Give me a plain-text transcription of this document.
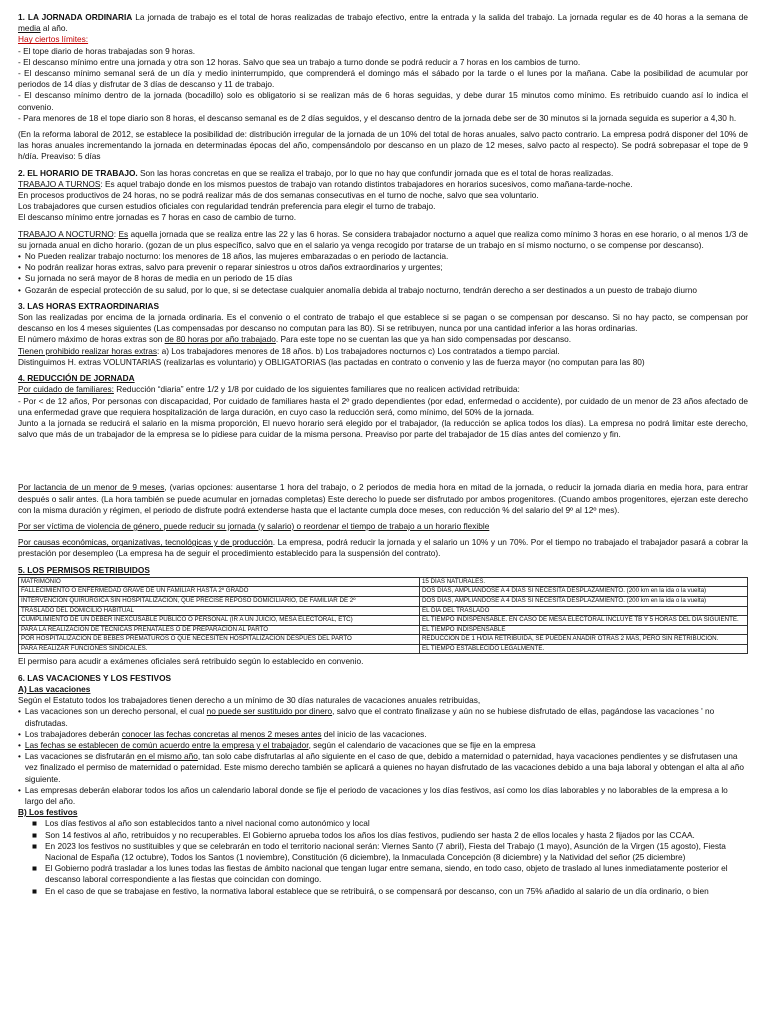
1. LA JORNADA ORDINARIA La jornada de trabajo es el total de horas realizadas de trabajo efectivo, entre la entrada y la salida del trabajo. La jornada regular es de 40 horas a la semana de media al año.

Hay ciertos límites:

- El tope diario de horas trabajadas son 9 horas.

- El descanso mínimo entre una jornada y otra son 12 horas. Salvo que sea un trabajo a turno donde se podrá reducir a 7 horas en los cambios de turno.

- El descanso mínimo semanal será de un día y medio ininterrumpido, que comprenderá el domingo más el sábado por la tarde o el lunes por la mañana. Cabe la posibilidad de acumular por periodos de 14 días y disfrutar de 3 días de descanso y 11 de trabajo.

- El descanso mínimo dentro de la jornada (bocadillo) solo es obligatorio si se realizan más de 6 horas seguidas, y debe durar 15 minutos como mínimo. Es retribuido cuando así lo indica el convenio.

- Para menores de 18 el tope diario son 8 horas, el descanso semanal es de 2 días seguidos, y el descanso dentro de la jornada debe ser de 30 minutos si la jornada seguida es superior a 4,30 h.

(En la reforma laboral de 2012, se establece la posibilidad de: distribución irregular de la jornada de un 10% del total de horas anuales, salvo pacto contrario. La empresa podrá disponer del 10% de las horas anuales incrementando la jornada en determinadas épocas del año, compensándolo por descanso en un plazo de 12 meses, salvo pacto al respecto). Se podrá sobrepasar el tope de 9 h/día. Preaviso: 5 días

2. EL HORARIO DE TRABAJO. Son las horas concretas en que se realiza el trabajo, por lo que no hay que confundir jornada que es el total de horas realizadas.

TRABAJO A TURNOS: Es aquel trabajo donde en los mismos puestos de trabajo van rotando distintos trabajadores en horarios sucesivos, como mañana-tarde-noche.

En procesos productivos de 24 horas, no se podrá realizar más de dos semanas consecutivas en el turno de noche, salvo que sea voluntario.

Los trabajadores que cursen estudios oficiales con regularidad tendrán preferencia para elegir el turno de trabajo.

El descanso mínimo entre jornadas es 7 horas en caso de cambio de turno.

TRABAJO A NOCTURNO: Es aquella jornada que se realiza entre las 22 y las 6 horas. Se considera trabajador nocturno a aquel que realiza como mínimo 3 horas en ese horario, o al menos 1/3 de su jornada anual en dicho horario. (gozan de un plus específico, salvo que en el salario ya venga recogido por tratarse de un trabajo en sí mismo nocturno, o se compense por descanso).

• No Pueden realizar trabajo nocturno: los menores de 18 años, las mujeres embarazadas o en periodo de lactancia.
• No podrán realizar horas extras, salvo para prevenir o reparar siniestros u otros daños extraordinarios y urgentes;
• Su jornada no será mayor de 8 horas de media en un periodo de 15 días
• Gozarán de especial protección de su salud, por lo que, si se detectase cualquier anomalía debida al trabajo nocturno, tendrán derecho a ser destinados a un puesto de trabajo diurno

3. LAS HORAS EXTRAORDINARIAS

Son las realizadas por encima de la jornada ordinaria. Es el convenio o el contrato de trabajo el que establece si se pagan o se compensan por descanso. Si no hay pacto, se compensan por descanso en los 4 meses siguientes (Las compensadas por descanso no computan para las 80). Si se retribuyen, nunca por una cantidad inferior a las horas ordinarias.

El número máximo de horas extras son de 80 horas por año trabajado. Para este tope no se cuentan las que ya han sido compensadas por descanso.

Tienen prohibido realizar horas extras: a) Los trabajadores menores de 18 años. b) Los trabajadores nocturnos c) Los contratados a tiempo parcial.

Distinguimos H. extras VOLUNTARIAS (realizarlas es voluntario) y OBLIGATORIAS (las pactadas en contrato o convenio y las de fuerza mayor (no computan para las 80)

4. REDUCCIÓN DE JORNADA

Por cuidado de familiares: Reducción “diaria” entre 1/2 y 1/8 por cuidado de los siguientes familiares que no realicen actividad retribuida:

- Por < de 12 años, Por personas con discapacidad, Por cuidado de familiares hasta el 2º grado dependientes (por edad, enfermedad o accidente), por cuidado de un menor de 23 años afectado de una enfermedad grave que requiera hospitalización de larga duración, en cuyo caso la reducción será, como mínimo, del 50% de la jornada.

Junto a la jornada se reducirá el salario en la misma proporción, El nuevo horario será elegido por el trabajador, (la reducción se aplica todos los días). La empresa no podrá limitar este derecho, salvo que más de un trabajador de la empresa se lo pidiese para cuidar de la misma persona. Preaviso por parte del trabajador de 15 días antes del comienzo y fin.

Por lactancia de un menor de 9 meses, (varias opciones: ausentarse 1 hora del trabajo, o 2 periodos de media hora en mitad de la jornada, o reducir la jornada diaria en media hora, para entrar después o salir antes. (La hora también se puede acumular en jornadas completas) Este derecho lo puede ser disfrutado por ambos progenitores. (Cuando ambos progenitores, ejerzan este derecho con la misma duración y régimen, el periodo de disfrute podrá extenderse hasta que el lactante cumpla doce meses, con reducción % del salario del 9º al 12º mes).

Por ser víctima de violencia de género, puede reducir su jornada (y salario) o reordenar el tiempo de trabajo a un horario flexible

Por causas económicas, organizativas, tecnológicas y de producción. La empresa, podrá reducir la jornada y el salario un 10% y un 70%. Por el tiempo no trabajado el trabajador pasará a cobrar la prestación por desempleo (La empresa ha de seguir el procedimiento establecido para la suspensión del contrato).

5. LOS PERMISOS RETRIBUIDOS

MATRIMONIO	15 DÍAS NATURALES.
FALLECIMIENTO O ENFERMEDAD GRAVE DE UN FAMILIAR HASTA 2º GRADO	DOS DÍAS, AMPLIÁNDOSE A 4 DÍAS SI NECESITA DESPLAZAMIENTO. (200 km en la ida o la vuelta)
INTERVENCIÓN QUIRÚRGICA SIN HOSPITALIZACIÓN, QUE PRECISE REPOSO DOMICILIARIO, DE FAMILIAR DE 2º	DOS DÍAS, AMPLIÁNDOSE A 4 DÍAS SI NECESITA DESPLAZAMIENTO. (200 km en la ida o la vuelta)
TRASLADO DEL DOMICILIO HABITUAL	EL DÍA DEL TRASLADO
CUMPLIMIENTO DE UN DEBER INEXCUSABLE PÚBLICO O PERSONAL (IR A UN JUICIO, MESA ELECTORAL, ETC)	EL TIEMPO INDISPENSABLE. EN CASO DE MESA ELECTORAL INCLUYE TB Y 5 HORAS DEL DÍA SIGUIENTE.
PARA LA REALIZACIÓN DE TÉCNICAS PRENATALES O DE PREPARACIÓN AL PARTO	EL TIEMPO INDISPENSABLE
POR HOSPITALIZACIÓN DE BEBÉS PREMATUROS O QUE NECESITEN HOSPITALIZACIÓN DESPUÉS DEL PARTO	REDUCCIÓN DE 1 H/DÍA RETRIBUIDA, SE PUEDEN AÑADIR OTRAS 2 MÁS, PERO SIN RETRIBUCIÓN.
PARA REALIZAR FUNCIONES SINDICALES.	EL TIEMPO ESTABLECIDO LEGALMENTE.

El permiso para acudir a exámenes oficiales será retribuido según lo establecido en convenio.

6. LAS VACACIONES Y LOS FESTIVOS

A) Las vacaciones

Según el Estatuto todos los trabajadores tienen derecho a un mínimo de 30 días naturales de vacaciones anuales retribuidas,

• Las vacaciones son un derecho personal, el cual no puede ser sustituido por dinero, salvo que el contrato finalizase y aún no se hubiese disfrutado de ellas, pagándose las vacaciones ' no disfrutadas.
• Los trabajadores deberán conocer las fechas concretas al menos 2 meses antes del inicio de las vacaciones.
• Las fechas se establecen de común acuerdo entre la empresa y el trabajador, según el calendario de vacaciones que se fije en la empresa
• Las vacaciones se disfrutarán en el mismo año, tan solo cabe disfrutarlas al año siguiente en el caso de que, debido a maternidad o paternidad, haya vacaciones pendientes y se disfrutasen una vez finalizado el permiso de maternidad o paternidad. Este mismo derecho también se aplicará a quienes no hayan disfrutado de las vacaciones debido a una baja laboral y obtengan el alta al año siguiente.
• Las empresas deberán elaborar todos los años un calendario laboral donde se fije el periodo de vacaciones y los días festivos, así como los días laborables y no laborables de la empresa a lo largo del año.

B) Los festivos

■ Los días festivos al año son establecidos tanto a nivel nacional como autonómico y local
■ Son 14 festivos al año, retribuidos y no recuperables. El Gobierno aprueba todos los años los días festivos, pudiendo ser hasta 2 de ellos locales y hasta 2 fijados por las CCAA.
■ En 2023 los festivos no sustituibles y que se celebrarán en todo el territorio nacional serán: Viernes Santo (7 abril), Fiesta del Trabajo (1 mayo), Asunción de la Virgen (15 agosto), Fiesta Nacional de España (12 octubre), Todos los Santos (1 noviembre), Constitución (6 diciembre), la Inmaculada Concepción (8 diciembre) y la Natividad del señor (25 diciembre)
■ El Gobierno podrá trasladar a los lunes todas las fiestas de ámbito nacional que tengan lugar entre semana, siendo, en todo caso, objeto de traslado al lunes inmediatamente posterior el descanso laboral correspondiente a las fiestas que coincidan con domingo.
■ En el caso de que se trabajase en festivo, la normativa laboral establece que se retribuirá, o se compensará por descanso, con un 75% añadido al salario de un día ordinario, o bien
